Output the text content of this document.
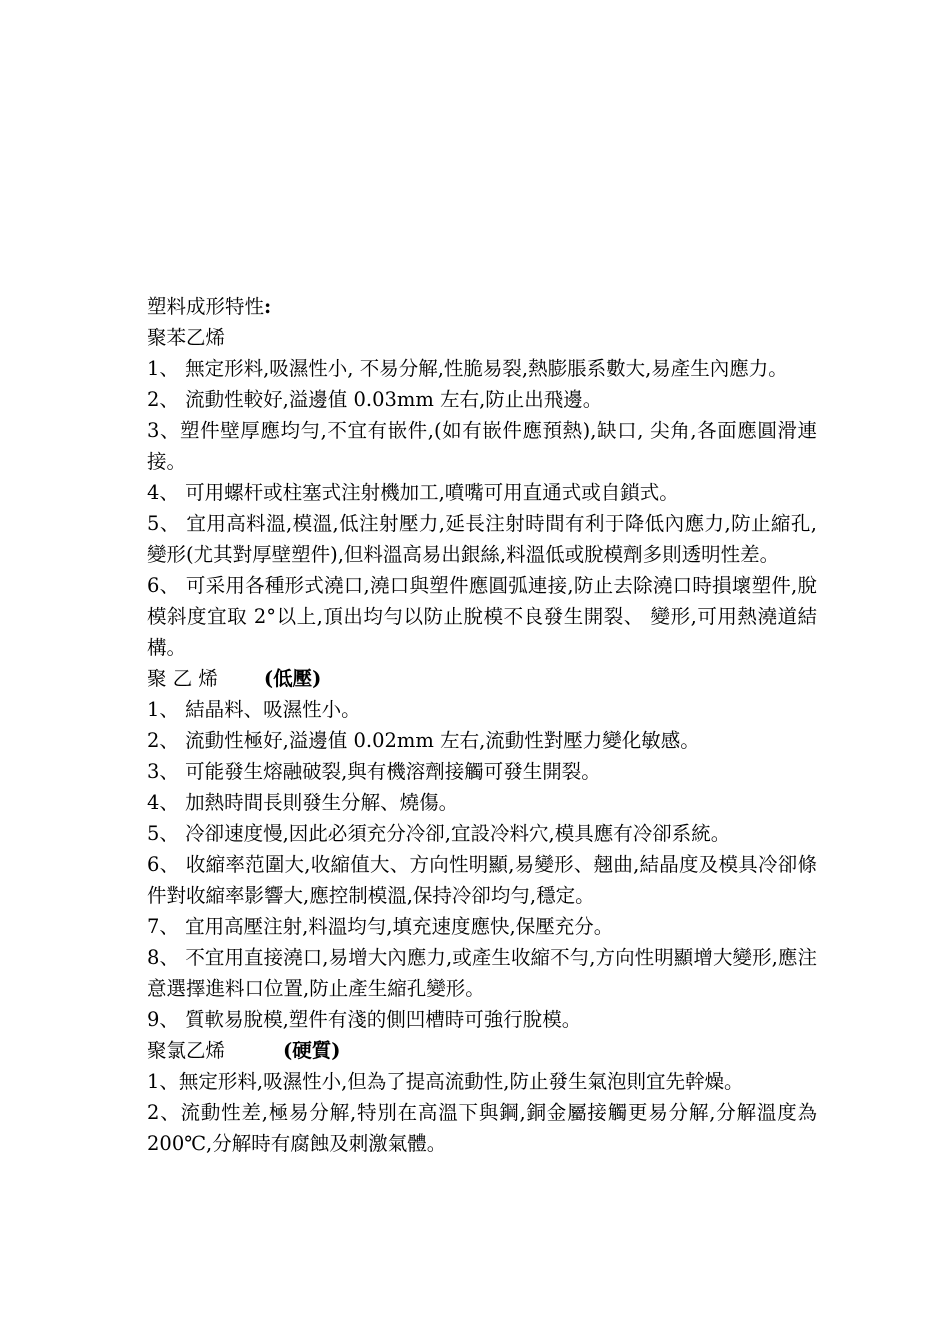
塑料成形特性:

聚苯乙烯

1、 無定形料,吸濕性小, 不易分解,性脆易裂,熱膨脹系數大,易產生內應力。

2、 流動性較好,溢邊值 0.03mm 左右,防止出飛邊。

3、塑件壁厚應均勻,不宜有嵌件,(如有嵌件應預熱),缺口, 尖角,各面應圓滑連接。

4、 可用螺杆或柱塞式注射機加工,噴嘴可用直通式或自鎖式。

5、 宜用高料溫,模溫,低注射壓力,延長注射時間有利于降低內應力,防止縮孔,變形(尤其對厚壁塑件),但料溫高易出銀絲,料溫低或脫模劑多則透明性差。

6、 可采用各種形式澆口,澆口與塑件應圓弧連接,防止去除澆口時損壞塑件,脫模斜度宜取 2°以上,頂出均勻以防止脫模不良發生開裂、 變形,可用熱澆道結構。

聚 乙 烯 (低壓)

1、 結晶料、吸濕性小。

2、 流動性極好,溢邊值 0.02mm 左右,流動性對壓力變化敏感。

3、 可能發生熔融破裂,與有機溶劑接觸可發生開裂。

4、 加熱時間長則發生分解、燒傷。

5、 冷卻速度慢,因此必須充分冷卻,宜設冷料穴,模具應有冷卻系統。

6、 收縮率范圍大,收縮值大、方向性明顯,易變形、翹曲,結晶度及模具冷卻條件對收縮率影響大,應控制模溫,保持冷卻均勻,穩定。

7、 宜用高壓注射,料溫均勻,填充速度應快,保壓充分。

8、 不宜用直接澆口,易增大內應力,或產生收縮不勻,方向性明顯增大變形,應注意選擇進料口位置,防止產生縮孔變形。

9、 質軟易脫模,塑件有淺的側凹槽時可強行脫模。

聚氯乙烯	(硬質)

1、無定形料,吸濕性小,但為了提高流動性,防止發生氣泡則宜先幹燥。

2、流動性差,極易分解,特別在高溫下與鋼,銅金屬接觸更易分解,分解溫度為 200℃,分解時有腐蝕及刺激氣體。
